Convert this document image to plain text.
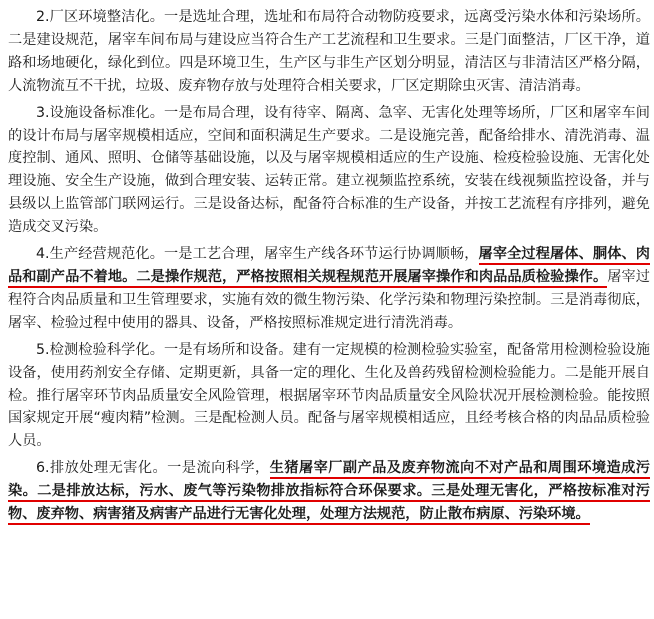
2.厂区环境整洁化。一是选址合理，选址和布局符合动物防疫要求，远离受污染水体和污染场所。二是建设规范，屠宰车间布局与建设应当符合生产工艺流程和卫生要求。三是门面整洁，厂区干净，道路和场地硬化，绿化到位。四是环境卫生，生产区与非生产区划分明显，清洁区与非清洁区严格分隔，人流物流互不干扰，垃圾、废弃物存放与处理符合相关要求，厂区定期除虫灭害、清洁消毒。

3.设施设备标准化。一是布局合理，设有待宰、隔离、急宰、无害化处理等场所，厂区和屠宰车间的设计布局与屠宰规模相适应，空间和面积满足生产要求。二是设施完善，配备给排水、清洗消毒、温度控制、通风、照明、仓储等基础设施，以及与屠宰规模相适应的生产设施、检疫检验设施、无害化处理设施、安全生产设施，做到合理安装、运转正常。建立视频监控系统，安装在线视频监控设备，并与县级以上监管部门联网运行。三是设备达标，配备符合标准的生产设备，并按工艺流程有序排列，避免造成交叉污染。

4.生产经营规范化。一是工艺合理，屠宰生产线各环节运行协调顺畅，屠宰全过程屠体、胴体、肉品和副产品不着地。二是操作规范，严格按照相关规程规范开展屠宰操作和肉品品质检验操作。屠宰过程符合肉品质量和卫生管理要求，实施有效的微生物污染、化学污染和物理污染控制。三是消毒彻底，屠宰、检验过程中使用的器具、设备，严格按照标准规定进行清洗消毒。

5.检测检验科学化。一是有场所和设备。建有一定规模的检测检验实验室，配备常用检测检验设施设备，使用药剂安全存储、定期更新，具备一定的理化、生化及兽药残留检测检验能力。二是能开展自检。推行屠宰环节肉品质量安全风险管理，根据屠宰环节肉品质量安全风险状况开展检测检验。能按照国家规定开展“瘦肉精”检测。三是配检测人员。配备与屠宰规模相适应，且经考核合格的肉品品质检验人员。

6.排放处理无害化。一是流向科学，生猪屠宰厂副产品及废弃物流向不对产品和周围环境造成污染。二是排放达标，污水、废气等污染物排放指标符合环保要求。三是处理无害化，严格按标准对污物、废弃物、病害猪及病害产品进行无害化处理，处理方法规范，防止散布病原、污染环境。
